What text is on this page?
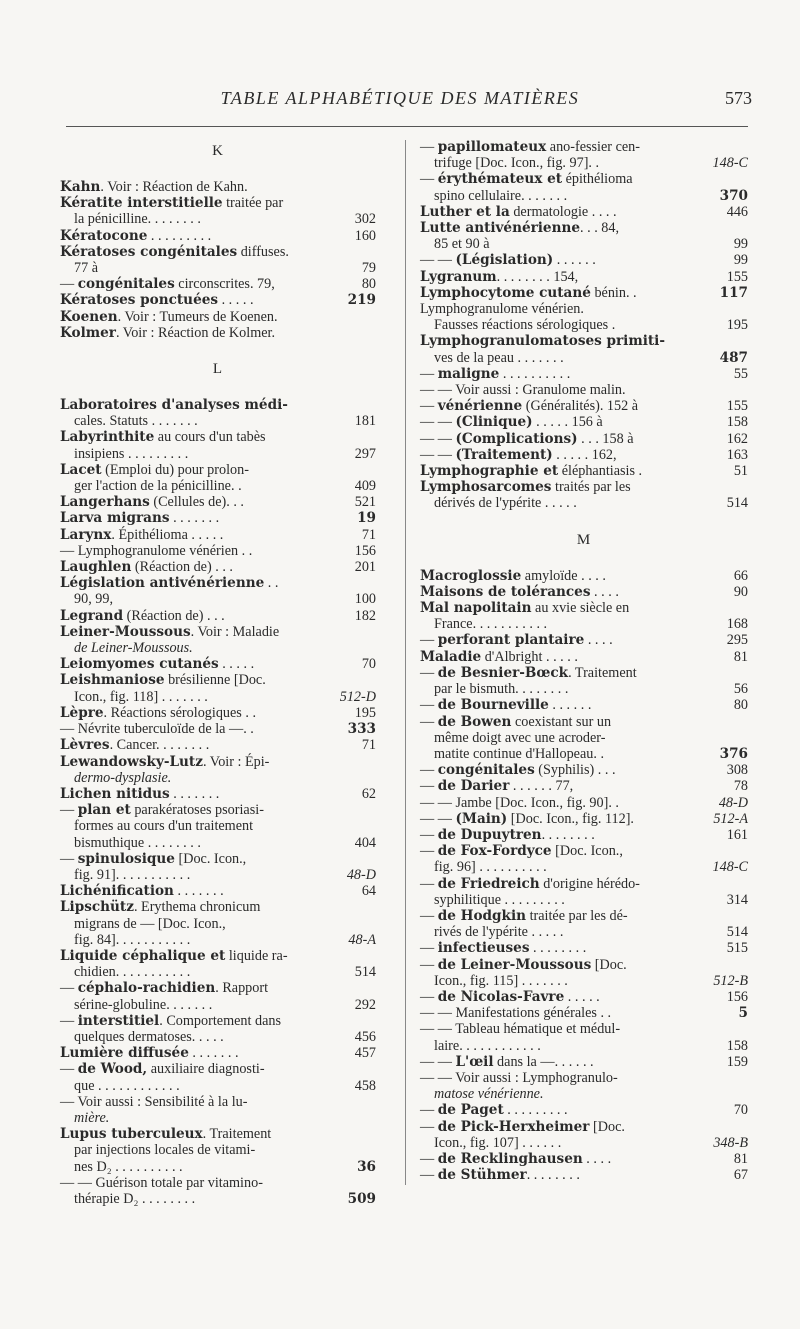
TABLE ALPHABÉTIQUE DES MATIÈRES	573
K
Kahn. Voir : Réaction de Kahn.
Kératite interstitielle traitée par
la pénicilline. . . . . . . .	302
Kératocone . . . . . . . . .	160
Kératoses congénitales diffuses.
77 à	79
— congénitales circonscrites. 79,	80
Kératoses ponctuées . . . . .	219
Koenen. Voir : Tumeurs de Koenen.
Kolmer. Voir : Réaction de Kolmer.
L
Laboratoires d'analyses médi-
cales. Statuts . . . . . . .	181
Labyrinthite au cours d'un tabès
insipiens . . . . . . . . .	297
Lacet (Emploi du) pour prolon-
ger l'action de la pénicilline. .	409
Langerhans (Cellules de). . .	521
Larva migrans . . . . . . .	19
Larynx. Épithélioma . . . . .	71
— Lymphogranulome vénérien . .	156
Laughlen (Réaction de) . . .	201
Législation antivénérienne . .
90, 99,	100
Legrand (Réaction de) . . .	182
Leiner-Moussous. Voir : Maladie
de Leiner-Moussous.
Leiomyomes cutanés . . . . .	70
Leishmaniose brésilienne [Doc.
Icon., fig. 118] . . . . . . .	512-D
Lèpre. Réactions sérologiques . .	195
— Névrite tuberculoïde de la —. .	333
Lèvres. Cancer. . . . . . . .	71
Lewandowsky-Lutz. Voir : Épi-
dermo-dysplasie.
Lichen nitidus . . . . . . .	62
— plan et parakératoses psoriasi-
formes au cours d'un traitement
bismuthique . . . . . . . .	404
— spinulosique [Doc. Icon.,
fig. 91]. . . . . . . . . . .	48-D
Lichénification . . . . . . .	64
Lipschütz. Erythema chronicum
migrans de — [Doc. Icon.,
fig. 84]. . . . . . . . . . .	48-A
Liquide céphalique et liquide ra-
chidien. . . . . . . . . . .	514
— céphalo-rachidien. Rapport
sérine-globuline. . . . . . .	292
— interstitiel. Comportement dans
quelques dermatoses. . . . .	456
Lumière diffusée . . . . . . .	457
— de Wood, auxiliaire diagnosti-
que . . . . . . . . . . . .	458
— Voir aussi : Sensibilité à la lu-
mière.
Lupus tuberculeux. Traitement
par injections locales de vitami-
nes D₂ . . . . . . . . . .	36
— — Guérison totale par vitamino-
thérapie D₂ . . . . . . . .	509
— papillomateux ano-fessier cen-
trifuge [Doc. Icon., fig. 97]. .	148-C
— érythémateux et épithélioma
spino cellulaire. . . . . . .	370
Luther et la dermatologie . . . .	446
Lutte antivénérienne. . . 84,
85 et 90 à	99
— — (Législation) . . . . . .	99
Lygranum. . . . . . . . 154,	155
Lymphocytome cutané bénin. .	117
Lymphogranulome vénérien.
Fausses réactions sérologiques .	195
Lymphogranulomatoses primiti-
ves de la peau . . . . . . .	487
— maligne . . . . . . . . . .	55
— — Voir aussi : Granulome malin.
— vénérienne (Généralités). 152 à	155
— — (Clinique) . . . . . 156 à	158
— — (Complications) . . . 158 à	162
— — (Traitement) . . . . . 162,	163
Lymphographie et éléphantiasis .	51
Lymphosarcomes traités par les
dérivés de l'ypérite . . . . .	514
M
Macroglossie amyloïde . . . .	66
Maisons de tolérances . . . .	90
Mal napolitain au xvie siècle en
France. . . . . . . . . . .	168
— perforant plantaire . . . .	295
Maladie d'Albright . . . . .	81
— de Besnier-Bœck. Traitement
par le bismuth. . . . . . . .	56
— de Bourneville . . . . . .	80
— de Bowen coexistant sur un
même doigt avec une acroder-
matite continue d'Hallopeau. .	376
— congénitales (Syphilis) . . .	308
— de Darier . . . . . . 77,	78
— — Jambe [Doc. Icon., fig. 90]. .	48-D
— — (Main) [Doc. Icon., fig. 112].	512-A
— de Dupuytren. . . . . . . .	161
— de Fox-Fordyce [Doc. Icon.,
fig. 96] . . . . . . . . . .	148-C
— de Friedreich d'origine hérédo-
syphilitique . . . . . . . . .	314
— de Hodgkin traitée par les dé-
rivés de l'ypérite . . . . .	514
— infectieuses . . . . . . . .	515
— de Leiner-Moussous [Doc.
Icon., fig. 115] . . . . . . .	512-B
— de Nicolas-Favre . . . . .	156
— — Manifestations générales . .	5
— — Tableau hématique et médul-
laire. . . . . . . . . . . .	158
— — L'œil dans la —. . . . . .	159
— — Voir aussi : Lymphogranulo-
matose vénérienne.
— de Paget . . . . . . . . .	70
— de Pick-Herxheimer [Doc.
Icon., fig. 107] . . . . . .	348-B
— de Recklinghausen . . . .	81
— de Stühmer. . . . . . . .	67
